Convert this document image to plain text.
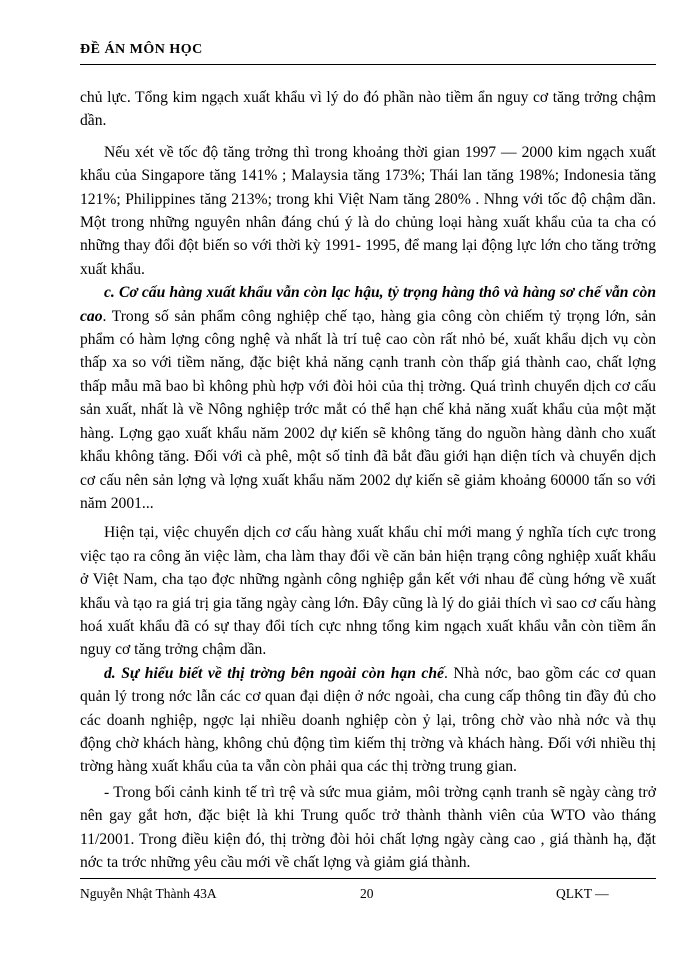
ĐỀ ÁN MÔN HỌC

chủ lực. Tổng kim ngạch xuất khẩu vì lý do đó phần nào tiềm ẩn nguy cơ tăng trởng chậm dần.

Nếu xét về tốc độ tăng trởng thì trong khoảng thời gian 1997 — 2000 kim ngạch xuất khẩu của Singapore tăng 141% ; Malaysia tăng 173%; Thái lan tăng 198%; Indonesia tăng 121%; Philippines tăng 213%; trong khi Việt Nam tăng 280% . Nhng với tốc độ chậm dần. Một trong những nguyên nhân đáng chú ý là do chủng loại hàng xuất khẩu của ta cha có những thay đổi đột biến so với thời kỳ 1991- 1995, để mang lại động lực lớn cho tăng trởng xuất khẩu.

c. Cơ cấu hàng xuất khẩu vẫn còn lạc hậu, tỷ trọng hàng thô và hàng sơ chế vẫn còn cao. Trong số sản phẩm công nghiệp chế tạo, hàng gia công còn chiếm tỷ trọng lớn, sản phẩm có hàm lợng công nghệ và nhất là trí tuệ cao còn rất nhỏ bé, xuất khẩu dịch vụ còn thấp xa so với tiềm năng, đặc biệt khả năng cạnh tranh còn thấp giá thành cao, chất lợng thấp mẫu mã bao bì không phù hợp với đòi hỏi của thị trờng. Quá trình chuyển dịch cơ cấu sản xuất, nhất là về Nông nghiệp trớc mắt có thể hạn chế khả năng xuất khẩu của một mặt hàng. Lợng gạo xuất khẩu năm 2002 dự kiến sẽ không tăng do nguồn hàng dành cho xuất khẩu không tăng. Đối với cà phê, một số tỉnh đã bắt đầu giới hạn diện tích và chuyển dịch cơ cấu nên sản lợng và lợng xuất khẩu năm 2002 dự kiến sẽ giảm khoảng 60000 tấn so với năm 2001...

Hiện tại, việc chuyển dịch cơ cấu hàng xuất khẩu chỉ mới mang ý nghĩa tích cực trong việc tạo ra công ăn việc làm, cha làm thay đổi về căn bản hiện trạng công nghiệp xuất khẩu ở Việt Nam, cha tạo đợc những ngành công nghiệp gắn kết với nhau để cùng hớng về xuất khẩu và tạo ra giá trị gia tăng ngày càng lớn. Đây cũng là lý do giải thích vì sao cơ cấu hàng hoá xuất khẩu đã có sự thay đổi tích cực nhng tổng kim ngạch xuất khẩu vẫn còn tiềm ẩn nguy cơ tăng trởng chậm dần.

d. Sự hiểu biết về thị trờng bên ngoài còn hạn chế. Nhà nớc, bao gồm các cơ quan quản lý trong nớc lẫn các cơ quan đại diện ở nớc ngoài, cha cung cấp thông tin đầy đủ cho các doanh nghiệp, ngợc lại nhiều doanh nghiệp còn ỷ lại, trông chờ vào nhà nớc và thụ động chờ khách hàng, không chủ động tìm kiếm thị trờng và khách hàng. Đối với nhiều thị trờng hàng xuất khẩu của ta vẫn còn phải qua các thị trờng trung gian.

- Trong bối cảnh kinh tế trì trệ và sức mua giảm, môi trờng cạnh tranh sẽ ngày càng trở nên gay gắt hơn, đặc biệt là khi Trung quốc trở thành thành viên của WTO vào tháng 11/2001. Trong điều kiện đó, thị trờng đòi hỏi chất lợng ngày càng cao , giá thành hạ, đặt nớc ta trớc những yêu cầu mới về chất lợng và giảm giá thành.

Nguyễn Nhật Thành 43A	20	QLKT —
